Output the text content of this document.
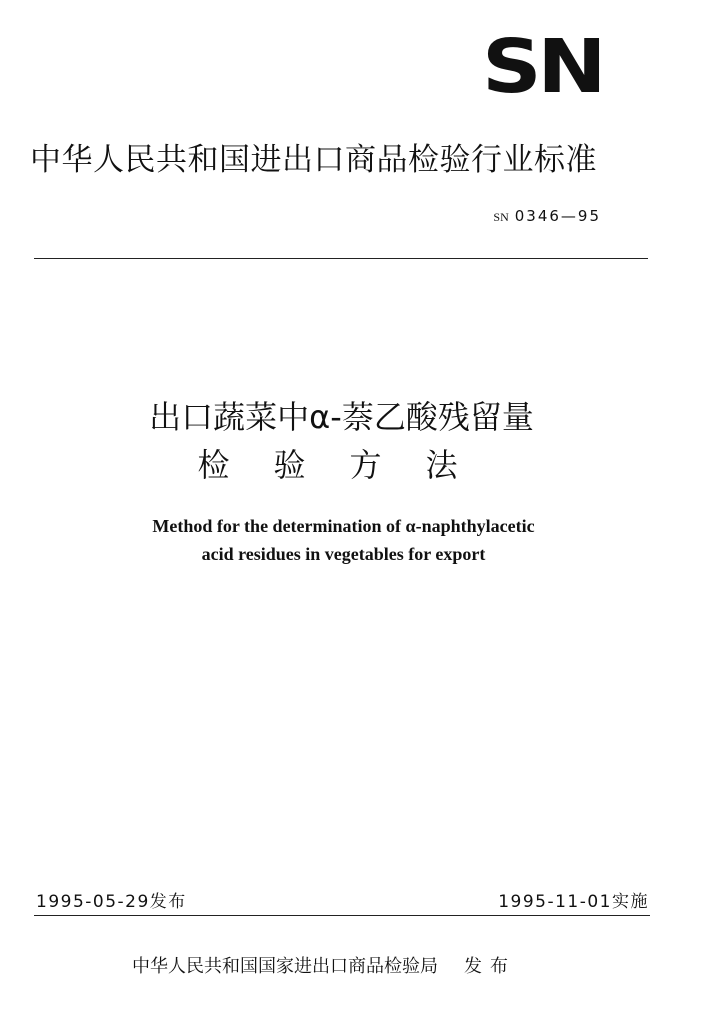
SN
中华人民共和国进出口商品检验行业标准
SN 0346—95
出口蔬菜中α-萘乙酸残留量
检验方法
Method for the determination of α-naphthylacetic
acid residues in vegetables for export
1995-05-29发布	1995-11-01实施
中华人民共和国国家进出口商品检验局 发布
